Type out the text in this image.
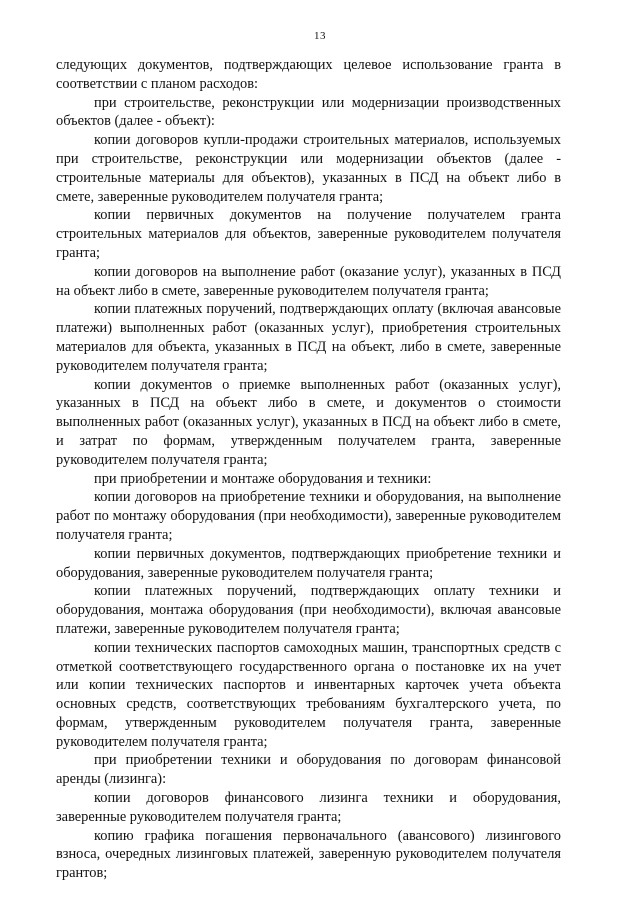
13

следующих документов, подтверждающих целевое использование гранта в соответствии с планом расходов:

при строительстве, реконструкции или модернизации производственных объектов (далее - объект):

копии договоров купли-продажи строительных материалов, используемых при строительстве, реконструкции или модернизации объектов (далее - строительные материалы для объектов), указанных в ПСД на объект либо в смете, заверенные руководителем получателя гранта;

копии первичных документов на получение получателем гранта строительных материалов для объектов, заверенные руководителем получателя гранта;

копии договоров на выполнение работ (оказание услуг), указанных в ПСД на объект либо в смете, заверенные руководителем получателя гранта;

копии платежных поручений, подтверждающих оплату (включая авансовые платежи) выполненных работ (оказанных услуг), приобретения строительных материалов для объекта, указанных в ПСД на объект, либо в смете, заверенные руководителем получателя гранта;

копии документов о приемке выполненных работ (оказанных услуг), указанных в ПСД на объект либо в смете, и документов о стоимости выполненных работ (оказанных услуг), указанных в ПСД на объект либо в смете, и затрат по формам, утвержденным получателем гранта, заверенные руководителем получателя гранта;

при приобретении и монтаже оборудования и техники:

копии договоров на приобретение техники и оборудования, на выполнение работ по монтажу оборудования (при необходимости), заверенные руководителем получателя гранта;

копии первичных документов, подтверждающих приобретение техники и оборудования, заверенные руководителем получателя гранта;

копии платежных поручений, подтверждающих оплату техники и оборудования, монтажа оборудования (при необходимости), включая авансовые платежи, заверенные руководителем получателя гранта;

копии технических паспортов самоходных машин, транспортных средств с отметкой соответствующего государственного органа о постановке их на учет или копии технических паспортов и инвентарных карточек учета объекта основных средств, соответствующих требованиям бухгалтерского учета, по формам, утвержденным руководителем получателя гранта, заверенные руководителем получателя гранта;

при приобретении техники и оборудования по договорам финансовой аренды (лизинга):

копии договоров финансового лизинга техники и оборудования, заверенные руководителем получателя гранта;

копию графика погашения первоначального (авансового) лизингового взноса, очередных лизинговых платежей, заверенную руководителем получателя грантов;
